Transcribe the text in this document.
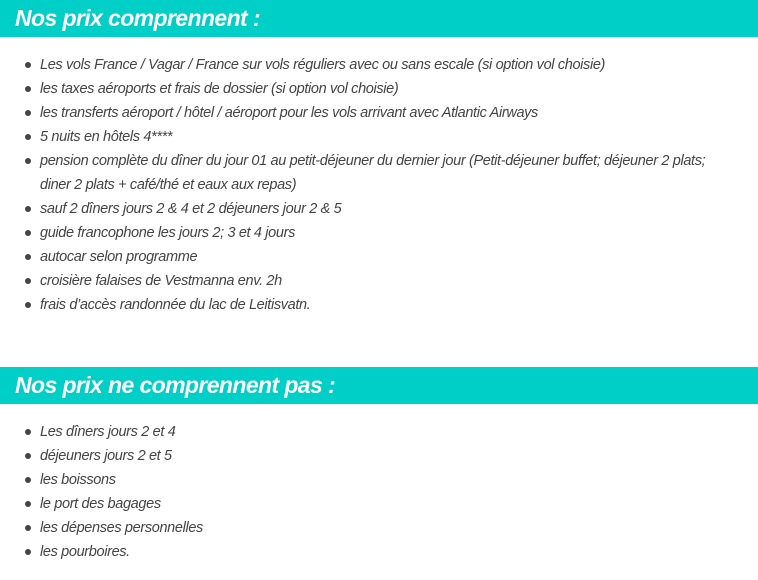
Nos prix comprennent :
Les vols France / Vagar / France sur vols réguliers avec ou sans escale (si option vol choisie)
les taxes aéroports et frais de dossier (si option vol choisie)
les transferts aéroport / hôtel / aéroport pour les vols arrivant avec Atlantic Airways
5 nuits en hôtels 4****
pension complète du dîner du jour 01 au petit-déjeuner du dernier jour (Petit-déjeuner buffet; déjeuner 2 plats; diner 2 plats + café/thé et eaux aux repas)
sauf 2 dîners jours 2 & 4 et 2 déjeuners jour 2 & 5
guide francophone les jours 2; 3 et 4 jours
autocar selon programme
croisière falaises de Vestmanna env. 2h
frais d’accès randonnée du lac de Leitisvatn.
Nos prix ne comprennent pas :
Les dîners jours 2 et 4
déjeuners jours 2 et 5
les boissons
le port des bagages
les dépenses personnelles
les pourboires.
